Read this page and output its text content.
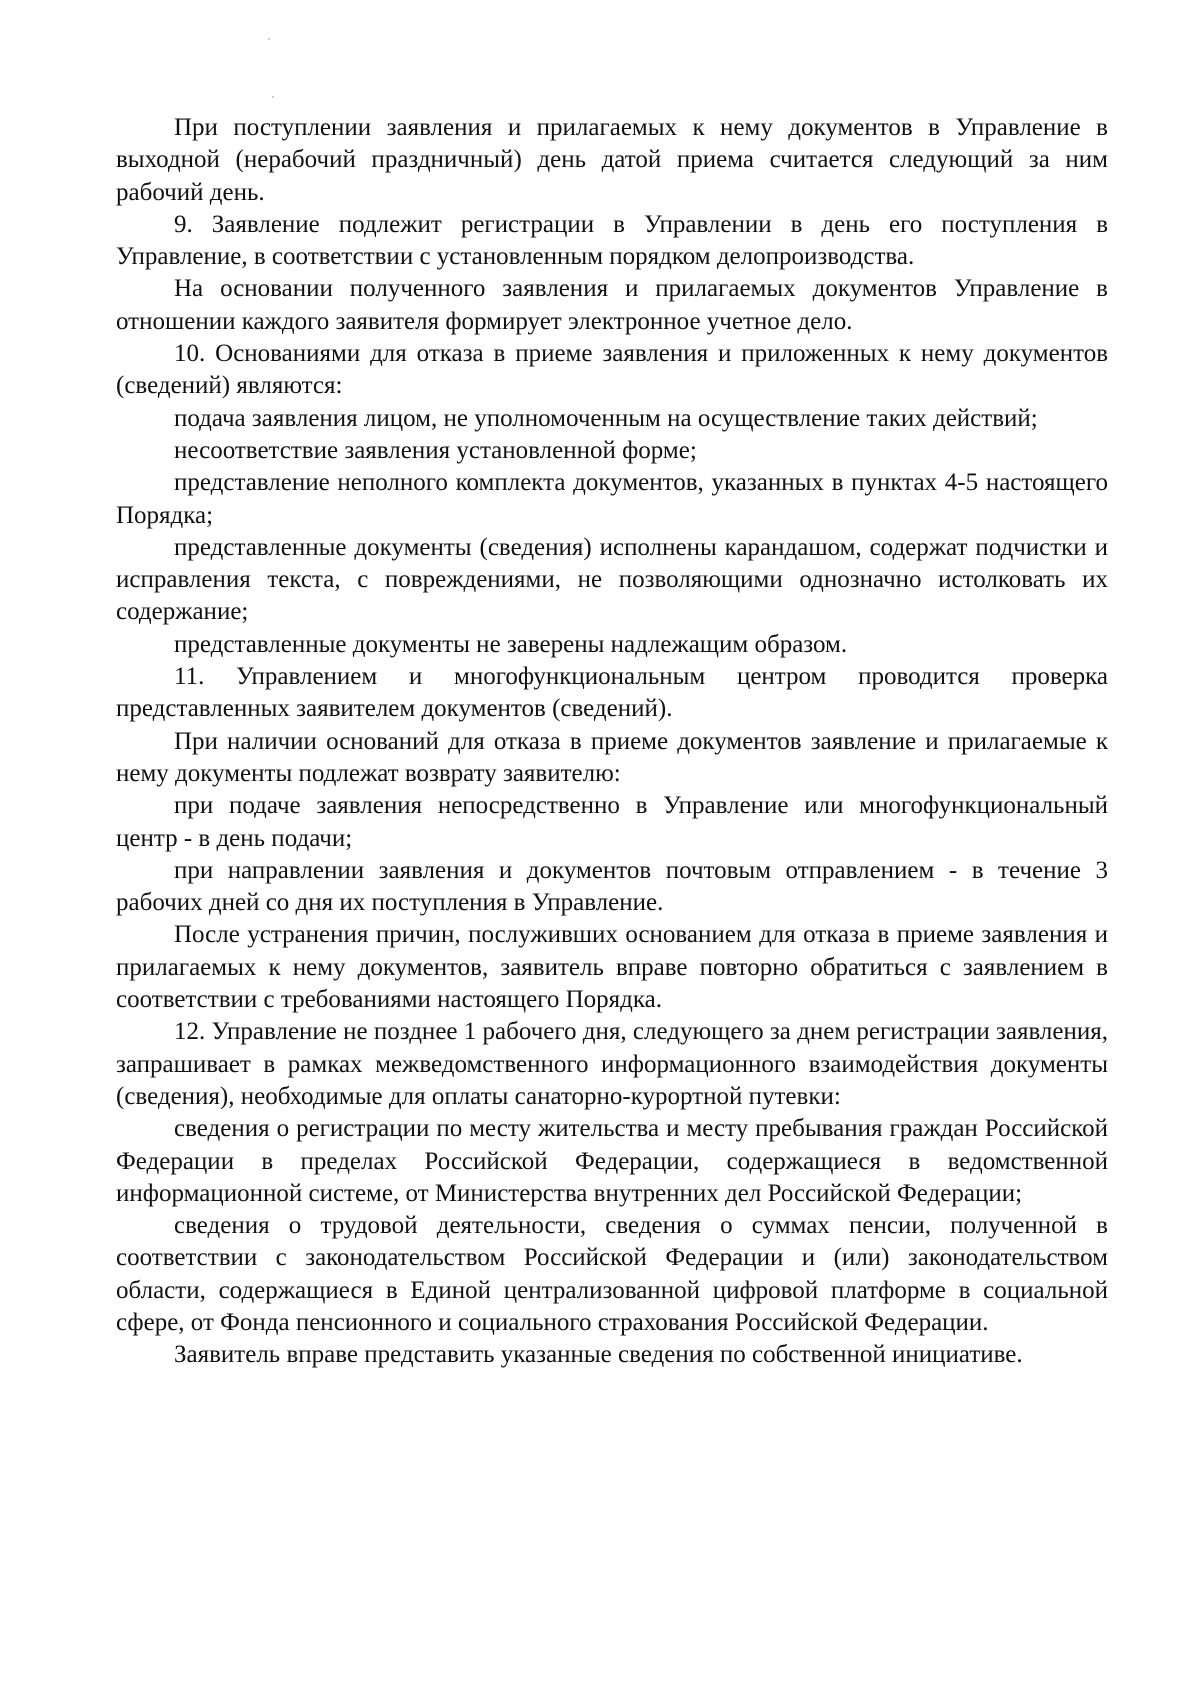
При поступлении заявления и прилагаемых к нему документов в Управление в выходной (нерабочий праздничный) день датой приема считается следующий за ним рабочий день.

9. Заявление подлежит регистрации в Управлении в день его поступления в Управление, в соответствии с установленным порядком делопроизводства.

На основании полученного заявления и прилагаемых документов Управление в отношении каждого заявителя формирует электронное учетное дело.

10. Основаниями для отказа в приеме заявления и приложенных к нему документов (сведений) являются:

подача заявления лицом, не уполномоченным на осуществление таких действий;

несоответствие заявления установленной форме;

представление неполного комплекта документов, указанных в пунктах 4-5 настоящего Порядка;

представленные документы (сведения) исполнены карандашом, содержат подчистки и исправления текста, с повреждениями, не позволяющими однозначно истолковать их содержание;

представленные документы не заверены надлежащим образом.

11. Управлением и многофункциональным центром проводится проверка представленных заявителем документов (сведений).

При наличии оснований для отказа в приеме документов заявление и прилагаемые к нему документы подлежат возврату заявителю:

при подаче заявления непосредственно в Управление или многофункциональный центр - в день подачи;

при направлении заявления и документов почтовым отправлением - в течение 3 рабочих дней со дня их поступления в Управление.

После устранения причин, послуживших основанием для отказа в приеме заявления и прилагаемых к нему документов, заявитель вправе повторно обратиться с заявлением в соответствии с требованиями настоящего Порядка.

12. Управление не позднее 1 рабочего дня, следующего за днем регистрации заявления, запрашивает в рамках межведомственного информационного взаимодействия документы (сведения), необходимые для оплаты санаторно-курортной путевки:

сведения о регистрации по месту жительства и месту пребывания граждан Российской Федерации в пределах Российской Федерации, содержащиеся в ведомственной информационной системе, от Министерства внутренних дел Российской Федерации;

сведения о трудовой деятельности, сведения о суммах пенсии, полученной в соответствии с законодательством Российской Федерации и (или) законодательством области, содержащиеся в Единой централизованной цифровой платформе в социальной сфере, от Фонда пенсионного и социального страхования Российской Федерации.

Заявитель вправе представить указанные сведения по собственной инициативе.
